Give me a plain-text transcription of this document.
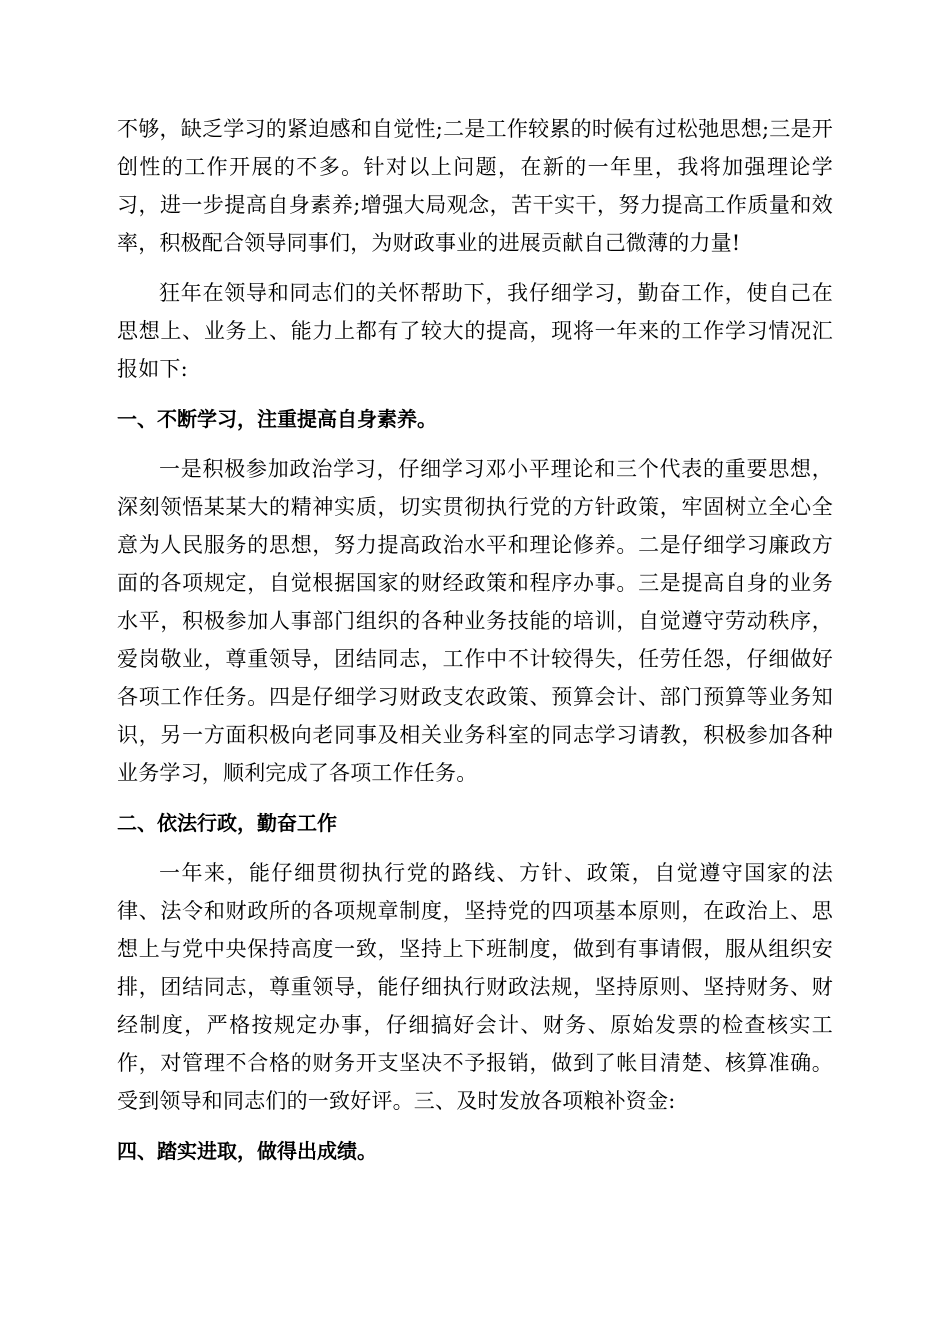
不够，缺乏学习的紧迫感和自觉性;二是工作较累的时候有过松弛思想;三是开创性的工作开展的不多。针对以上问题，在新的一年里，我将加强理论学习，进一步提高自身素养;增强大局观念，苦干实干，努力提高工作质量和效率，积极配合领导同事们，为财政事业的进展贡献自己微薄的力量!

狂年在领导和同志们的关怀帮助下，我仔细学习，勤奋工作，使自己在思想上、业务上、能力上都有了较大的提高，现将一年来的工作学习情况汇报如下:

一、不断学习，注重提高自身素养。

一是积极参加政治学习，仔细学习邓小平理论和三个代表的重要思想，深刻领悟某某大的精神实质，切实贯彻执行党的方针政策，牢固树立全心全意为人民服务的思想，努力提高政治水平和理论修养。二是仔细学习廉政方面的各项规定，自觉根据国家的财经政策和程序办事。三是提高自身的业务水平，积极参加人事部门组织的各种业务技能的培训，自觉遵守劳动秩序，爱岗敬业，尊重领导，团结同志，工作中不计较得失，任劳任怨，仔细做好各项工作任务。四是仔细学习财政支农政策、预算会计、部门预算等业务知识，另一方面积极向老同事及相关业务科室的同志学习请教，积极参加各种业务学习，顺利完成了各项工作任务。

二、依法行政，勤奋工作

一年来，能仔细贯彻执行党的路线、方针、政策，自觉遵守国家的法律、法令和财政所的各项规章制度，坚持党的四项基本原则，在政治上、思想上与党中央保持高度一致，坚持上下班制度，做到有事请假，服从组织安排，团结同志，尊重领导，能仔细执行财政法规，坚持原则、坚持财务、财经制度，严格按规定办事，仔细搞好会计、财务、原始发票的检查核实工作，对管理不合格的财务开支坚决不予报销，做到了帐目清楚、核算准确。受到领导和同志们的一致好评。三、及时发放各项粮补资金:

四、踏实进取，做得出成绩。
